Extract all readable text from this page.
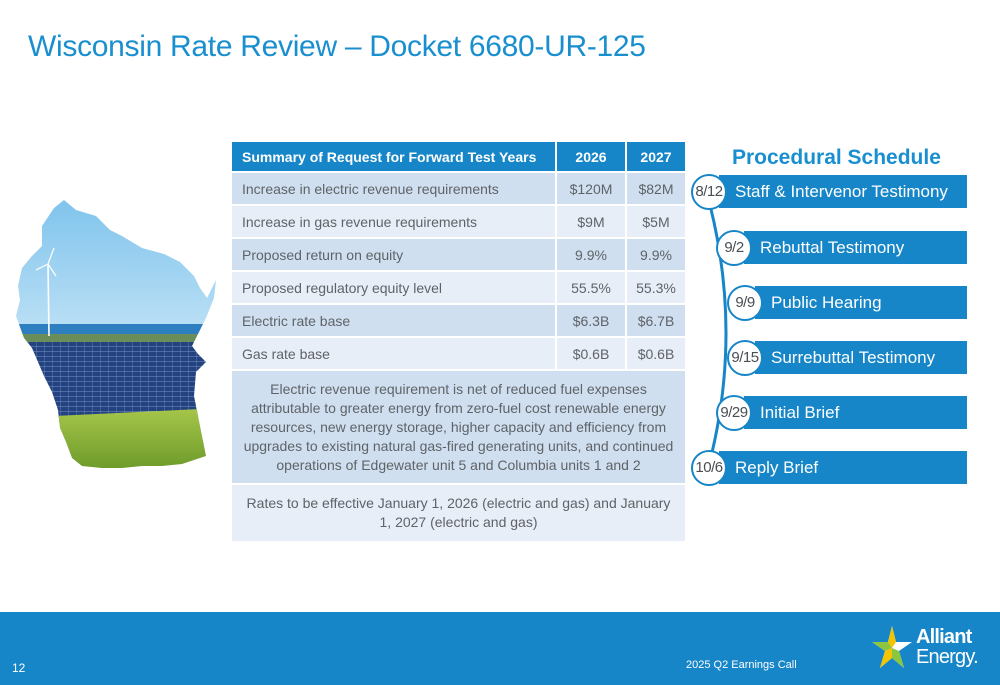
Wisconsin Rate Review – Docket 6680-UR-125
Summary of Request for Forward Test Years	2026	2027
Increase in electric revenue requirements	$120M	$82M
Increase in gas revenue requirements	$9M	$5M
Proposed return on equity	9.9%	9.9%
Proposed regulatory equity level	55.5%	55.3%
Electric rate base	$6.3B	$6.7B
Gas rate base	$0.6B	$0.6B
Electric revenue requirement is net of reduced fuel expenses attributable to greater energy from zero-fuel cost renewable energy resources, new energy storage, higher capacity and efficiency from upgrades to existing natural gas-fired generating units, and continued operations of Edgewater unit 5 and Columbia units 1 and 2		
Rates to be effective January 1, 2026 (electric and gas) and January 1, 2027 (electric and gas)		
Procedural Schedule
Staff & Intervenor Testimony
8/12
Rebuttal Testimony
9/2
Public Hearing
9/9
Surrebuttal Testimony
9/15
Initial Brief
9/29
Reply Brief
10/6
12	2025 Q2 Earnings Call
Alliant
Energy.
